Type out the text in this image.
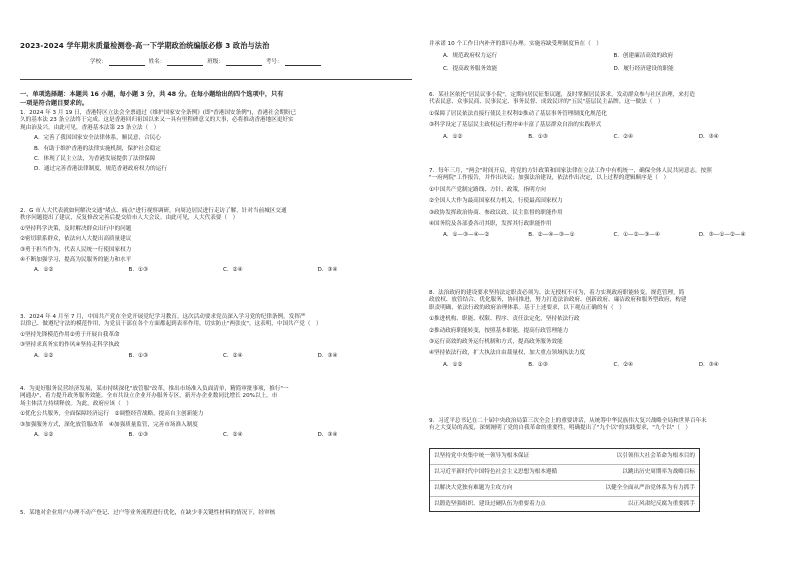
2023-2024 学年期末质量检测卷-高一下学期政治统编版必修 3 政治与法治
学校：	姓名：	班级：	考号：

一、单项选择题：本题共 16 小题，每小题 3 分，共 48 分。在每小题给出的四个选项中，只有

一项是符合题目要求的。

1．2024 年 3 月 19 日，香港特区立法会全票通过《维护国家安全条例》(即"香港国安条例")，香港社会期盼已

久的基本法 23 条立法终于完成。这是香港回归祖国以来又一具有里程碑意义的大事，必将推动香港地区更好实

现由治及兴。由此可见，香港基本法第 23 条立法（　）

A．完善了我国国家安全法律体系，顺民意，合民心

B．有助于维护香港的法律实施机制，保护社会稳定

C．体现了民主立法，为香港发展提供了法律保障

D．通过完善香港法律制度，规范香港政府权力的运行

2．G 市人大代表就如何解决交通"堵点、痛点"进行视察调研，向周边居民进行走访了解，针对当前城区交通

秩序问题提出了建议，反复修改完善后提交给市人大会议。由此可见，人大代表要（　）

①坚持科学决策，及时解决群众出行中的问题

②密切联系群众，依法向人大提出高质量建议

③勇于担当作为，代表人民统一行使国家权力

④不断加强学习，提高为民服务的能力和水平

A．①②	B．①③	C．②④	D．③④

3．2024 年 4 月至 7 月，中国共产党在全党开展党纪学习教育。这次活动要求党员深入学习党的纪律条例，发挥严

以律己、做遵纪守法的模范作用，为党员干部在各个方面都起到表率作用，切实防止"两张皮"。这表明，中国共产党（　）

①坚持先锋模范作用②勇于开展自我革命

③坚持求真务实的作风④坚持走科学执政

A．①②	B．①③	C．②④	D．③④

4．为更好服务民营经济发展，某市持续深化"放管服"改革，推出市场准入负面清单，精简审批事项，推行"一

网通办"，着力提升政务服务效能。全市共设立企业开办服务专区，新开办企业数同比增长 20%以上，市

场主体活力持续释放。为此，政府应该（　）

①优化公共服务，全面保障经济运行　②调整经营战略，提高自主创新能力

③加强服务方式，深化放管服改革　④加强质量监管，完善市场准入制度

A．①②	B．①③	C．②④	D．③④

5．某地对企业用户办理不动产登记、过户等业务流程进行优化，在缺少非关键性材料的情况下，经审核

并承诺 10 个工作日内补齐的即可办理。实施容缺受理制度旨在（　）

A．规范政府权力运行	B．创建廉洁高效的政府
C．提高政务服务效能	D．履行经济建设的职能

6．某社区依托"居民议事小院"，定期向居民征集议题，及时掌握居民诉求，发动群众参与社区治理，来打造

代表民意、众事民商、民事民定、事务民督、成效民评的"五民"基层民主品牌。这一做法（　）

①保障了居民依法直接行使民主权利②推动了基层事务管理制度化规范化

③科学设定了基层民主政权运行程序④丰富了基层群众自治的实践形式

A．①②	B．①③	C．②④	D．③④

7．每年三月，"两会"时间开启，将党的方针政策和国家法律在立法工作中有机统一，确保全体人民共同意志，按照

"一府两院"工作报告，并作出决议；加强法治建设，依法作出决定，以上过程的逻辑顺序是（　）

①中国共产党制定路线、方针、政策，指明方向

②全国人大作为最高国家权力机关，行使最高国家权力

③政协发挥政治协商、参政议政、民主监督的职能作用

④国务院及各部委各司其职，发挥其行政职能作用

A．①—③—④—②	B．②—④—③—①	C．①—②—③—④	D．③—①—②—④

8．法治政府的建设要求坚持法定职责必须为、法无授权不可为，着力实现政府职能转变，规范管理，简

政放权、放管结合、优化服务，协同推进，努力打造法治政府、创新政府、廉洁政府和服务型政府，构建

职责明确、依法行政的政府治理体系。基于上述要求，以下观点正确的有（　）

①推进机构、职能、权限、程序、责任法定化，坚持依法行政

②推动政府职能转变，按照基本职能，提高行政管理能力

③运行高效的政务运行机制和方式，提高政务服务效能

④坚持依法行政，扩大执法自由裁量权，加大重点领域执法力度

A．①②	B．①③	C．②④	D．③④

9．习近平总书记在二十届中央政治局第三次全会上的重要讲话，从统筹中华民族伟大复兴战略全局和世界百年未

有之大变局的高度，深刻阐明了党的自我革命的重要性，明确提出了"九个以"的实践要求，"九个以"（　）

以坚持党中央集中统一领导为根本保证	以引领伟大社会革命为根本目的
以习近平新时代中国特色社会主义思想为根本遵循	以跳出历史周期率为战略目标
以解决大党独有难题为主攻方向	以健全全面从严治党体系为有力抓手
以锻造坚强组织、建设过硬队伍为重要着力点	以正风肃纪反腐为重要抓手
